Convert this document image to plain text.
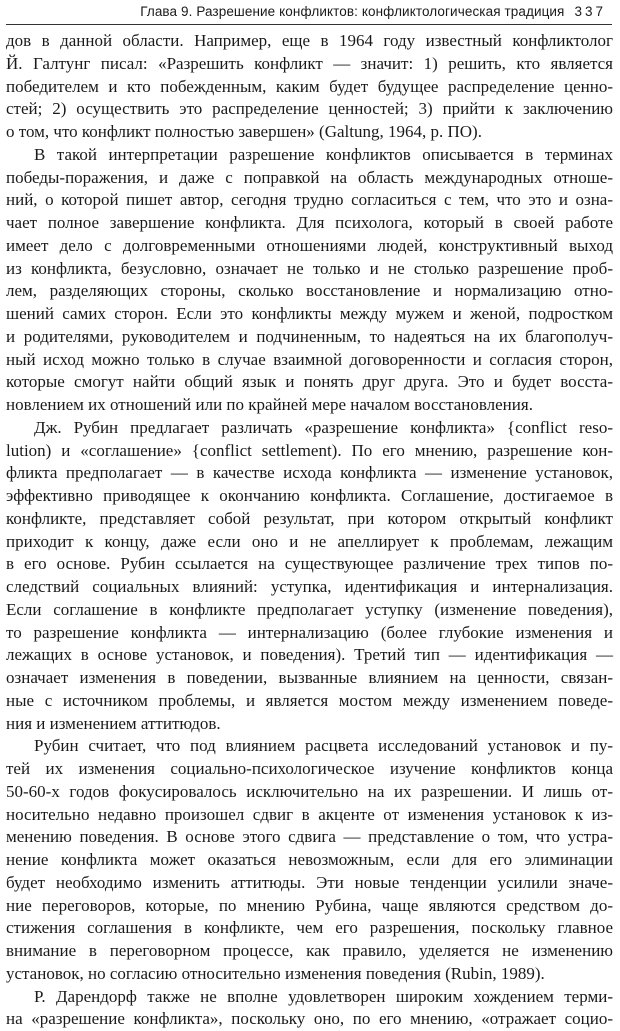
Глава 9. Разрешение конфликтов: конфликтологическая традиция 337
дов в данной области. Например, еще в 1964 году известный конфликтолог
Й. Галтунг писал: «Разрешить конфликт — значит: 1) решить, кто является
победителем и кто побежденным, каким будет будущее распределение ценно-
стей; 2) осуществить это распределение ценностей; 3) прийти к заключению
о том, что конфликт полностью завершен» (Galtung, 1964, p. ПО).
В такой интерпретации разрешение конфликтов описывается в терминах
победы-поражения, и даже с поправкой на область международных отноше-
ний, о которой пишет автор, сегодня трудно согласиться с тем, что это и озна-
чает полное завершение конфликта. Для психолога, который в своей работе
имеет дело с долговременными отношениями людей, конструктивный выход
из конфликта, безусловно, означает не только и не столько разрешение проб-
лем, разделяющих стороны, сколько восстановление и нормализацию отно-
шений самих сторон. Если это конфликты между мужем и женой, подростком
и родителями, руководителем и подчиненным, то надеяться на их благополуч-
ный исход можно только в случае взаимной договоренности и согласия сторон,
которые смогут найти общий язык и понять друг друга. Это и будет восста-
новлением их отношений или по крайней мере началом восстановления.
Дж. Рубин предлагает различать «разрешение конфликта» {conflict reso-
lution) и «соглашение» {conflict settlement). По его мнению, разрешение кон-
фликта предполагает — в качестве исхода конфликта — изменение установок,
эффективно приводящее к окончанию конфликта. Соглашение, достигаемое в
конфликте, представляет собой результат, при котором открытый конфликт
приходит к концу, даже если оно и не апеллирует к проблемам, лежащим
в его основе. Рубин ссылается на существующее различение трех типов по-
следствий социальных влияний: уступка, идентификация и интернализация.
Если соглашение в конфликте предполагает уступку (изменение поведения),
то разрешение конфликта — интернализацию (более глубокие изменения и
лежащих в основе установок, и поведения). Третий тип — идентификация —
означает изменения в поведении, вызванные влиянием на ценности, связан-
ные с источником проблемы, и является мостом между изменением поведе-
ния и изменением аттитюдов.
Рубин считает, что под влиянием расцвета исследований установок и пу-
тей их изменения социально-психологическое изучение конфликтов конца
50-60-х годов фокусировалось исключительно на их разрешении. И лишь от-
носительно недавно произошел сдвиг в акценте от изменения установок к из-
менению поведения. В основе этого сдвига — представление о том, что устра-
нение конфликта может оказаться невозможным, если для его элиминации
будет необходимо изменить аттитюды. Эти новые тенденции усилили значе-
ние переговоров, которые, по мнению Рубина, чаще являются средством до-
стижения соглашения в конфликте, чем его разрешения, поскольку главное
внимание в переговорном процессе, как правило, уделяется не изменению
установок, но согласию относительно изменения поведения (Rubin, 1989).
Р. Дарендорф также не вполне удовлетворен широким хождением терми-
на «разрешение конфликта», поскольку оно, по его мнению, «отражает социо-
